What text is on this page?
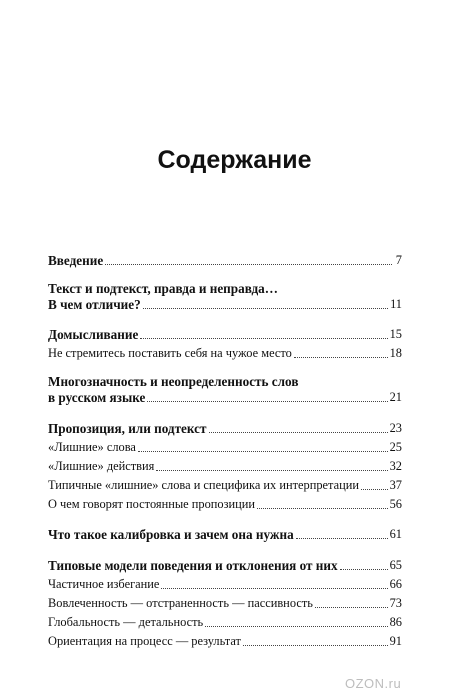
Содержание
Введение	7
Текст и подтекст, правда и неправда…
В чем отличие?	11
Домысливание	15
Не стремитесь поставить себя на чужое место	18
Многозначность и неопределенность слов
в русском языке	21
Пропозиция, или подтекст	23
«Лишние» слова	25
«Лишние» действия	32
Типичные «лишние» слова и специфика их интерпретации 37
О чем говорят постоянные пропозиции	56
Что такое калибровка и зачем она нужна	61
Типовые модели поведения и отклонения от них	65
Частичное избегание	66
Вовлеченность — отстраненность — пассивность	73
Глобальность — детальность	86
Ориентация на процесс — результат	91
OZON.ru
